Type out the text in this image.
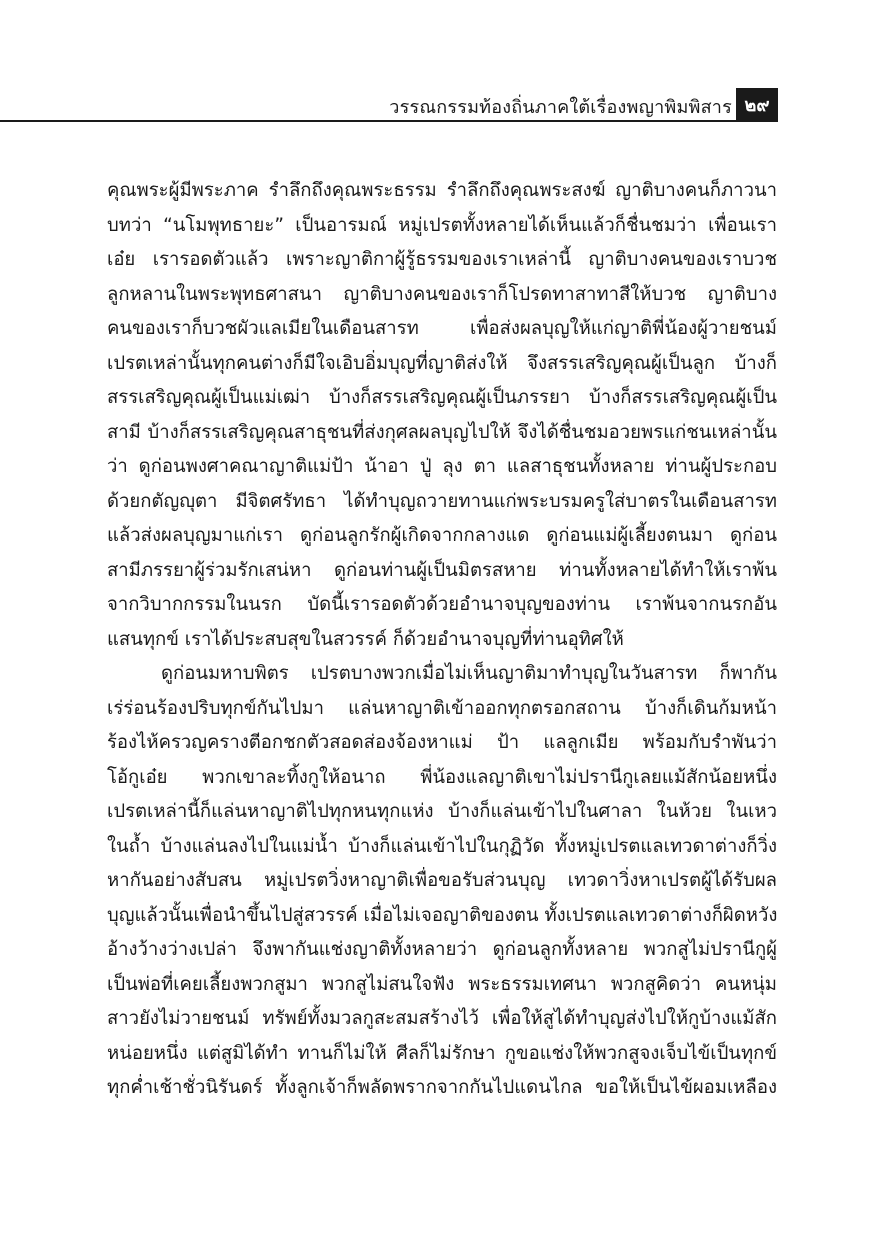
วรรณกรรมท้องถิ่นภาคใต้เรื่องพญาพิมพิสาร ๒๙
คุณพระผู้มีพระภาค รำลึกถึงคุณพระธรรม รำลึกถึงคุณพระสงฆ์ ญาติบางคนก็ภาวนา
บทว่า “นโมพุทธายะ” เป็นอารมณ์ หมู่เปรตทั้งหลายได้เห็นแล้วก็ชื่นชมว่า เพื่อนเรา
เอ๋ย เรารอดตัวแล้ว เพราะญาติกาผู้รู้ธรรมของเราเหล่านี้ ญาติบางคนของเราบวช
ลูกหลานในพระพุทธศาสนา ญาติบางคนของเราก็โปรดทาสาทาสีให้บวช ญาติบาง
คนของเราก็บวชผัวแลเมียในเดือนสารท เพื่อส่งผลบุญให้แก่ญาติพี่น้องผู้วายชนม์
เปรตเหล่านั้นทุกคนต่างก็มีใจเอิบอิ่มบุญที่ญาติส่งให้ จึงสรรเสริญคุณผู้เป็นลูก บ้างก็
สรรเสริญคุณผู้เป็นแม่เฒ่า บ้างก็สรรเสริญคุณผู้เป็นภรรยา บ้างก็สรรเสริญคุณผู้เป็น
สามี บ้างก็สรรเสริญคุณสาธุชนที่ส่งกุศลผลบุญไปให้ จึงได้ชื่นชมอวยพรแก่ชนเหล่านั้น
ว่า ดูก่อนพงศาคณาญาติแม่ป้า น้าอา ปู่ ลุง ตา แลสาธุชนทั้งหลาย ท่านผู้ประกอบ
ด้วยกตัญญุตา มีจิตศรัทธา ได้ทำบุญถวายทานแก่พระบรมครูใส่บาตรในเดือนสารท
แล้วส่งผลบุญมาแก่เรา ดูก่อนลูกรักผู้เกิดจากกลางแด ดูก่อนแม่ผู้เลี้ยงตนมา ดูก่อน
สามีภรรยาผู้ร่วมรักเสน่หา ดูก่อนท่านผู้เป็นมิตรสหาย ท่านทั้งหลายได้ทำให้เราพ้น
จากวิบากกรรมในนรก บัดนี้เรารอดตัวด้วยอำนาจบุญของท่าน เราพ้นจากนรกอัน
แสนทุกข์ เราได้ประสบสุขในสวรรค์ ก็ด้วยอำนาจบุญที่ท่านอุทิศให้
ดูก่อนมหาบพิตร เปรตบางพวกเมื่อไม่เห็นญาติมาทำบุญในวันสารท ก็พากัน
เร่ร่อนร้องปริบทุกข์กันไปมา แล่นหาญาติเข้าออกทุกตรอกสถาน บ้างก็เดินก้มหน้า
ร้องไห้ครวญครางตีอกชกตัวสอดส่องจ้องหาแม่ ป้า แลลูกเมีย พร้อมกับรำพันว่า
โอ้กูเอ๋ย พวกเขาละทิ้งกูให้อนาถ พี่น้องแลญาติเขาไม่ปรานีกูเลยแม้สักน้อยหนึ่ง
เปรตเหล่านี้ก็แล่นหาญาติไปทุกหนทุกแห่ง บ้างก็แล่นเข้าไปในศาลา ในห้วย ในเหว
ในถ้ำ บ้างแล่นลงไปในแม่น้ำ บ้างก็แล่นเข้าไปในกุฏิวัด ทั้งหมู่เปรตแลเทวดาต่างก็วิ่ง
หากันอย่างสับสน หมู่เปรตวิ่งหาญาติเพื่อขอรับส่วนบุญ เทวดาวิ่งหาเปรตผู้ได้รับผล
บุญแล้วนั้นเพื่อนำขึ้นไปสู่สวรรค์ เมื่อไม่เจอญาติของตน ทั้งเปรตแลเทวดาต่างก็ผิดหวัง
อ้างว้างว่างเปล่า จึงพากันแช่งญาติทั้งหลายว่า ดูก่อนลูกทั้งหลาย พวกสูไม่ปรานีกูผู้
เป็นพ่อที่เคยเลี้ยงพวกสูมา พวกสูไม่สนใจฟัง พระธรรมเทศนา พวกสูคิดว่า คนหนุ่ม
สาวยังไม่วายชนม์ ทรัพย์ทั้งมวลกูสะสมสร้างไว้ เพื่อให้สูได้ทำบุญส่งไปให้กูบ้างแม้สัก
หน่อยหนึ่ง แต่สูมิได้ทำ ทานก็ไม่ให้ ศีลก็ไม่รักษา กูขอแช่งให้พวกสูจงเจ็บไข้เป็นทุกข์
ทุกค่ำเช้าชั่วนิรันดร์ ทั้งลูกเจ้าก็พลัดพรากจากกันไปแดนไกล ขอให้เป็นไข้ผอมเหลือง
